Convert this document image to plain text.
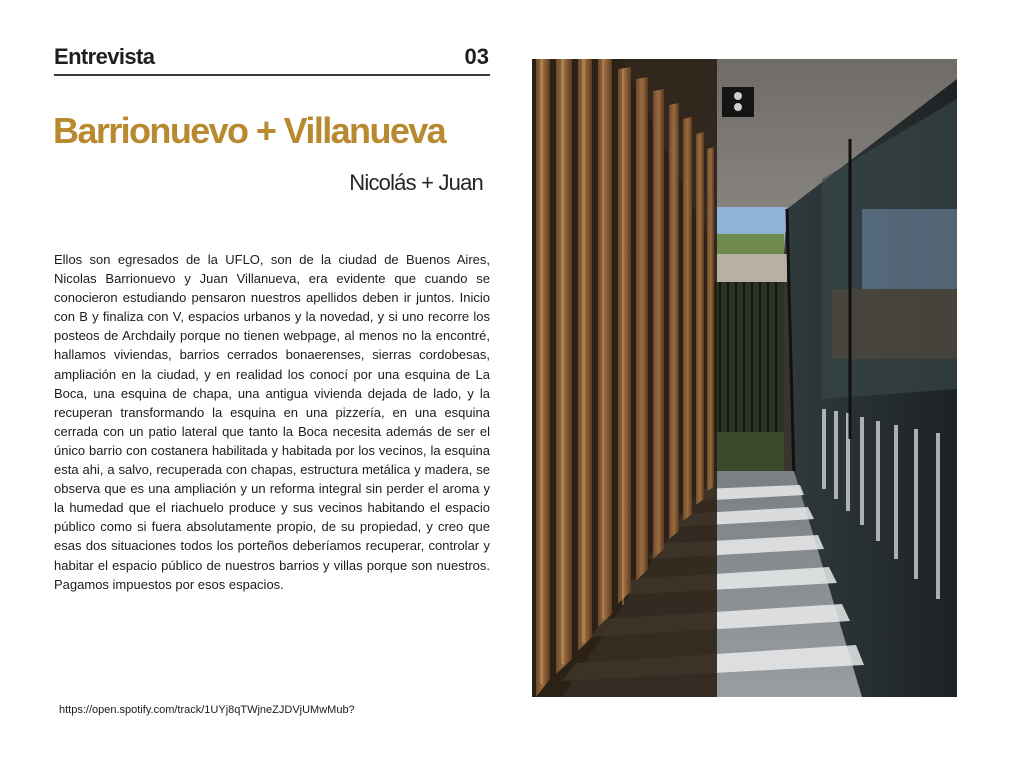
Entrevista	03
Barrionuevo + Villanueva
Nicolás + Juan

Ellos son egresados de la UFLO, son de la ciudad de Buenos Aires, Nicolas Barrionuevo y Juan Villanueva, era evidente que cuando se conocieron estudiando pensaron nuestros apellidos deben ir juntos. Inicio con B y finaliza con V, espacios urbanos y la novedad, y si uno recorre los posteos de Archdaily porque no tienen webpage, al menos no la encontré, hallamos viviendas, barrios cerrados bonaerenses, sierras cordobesas, ampliación en la ciudad, y en realidad los conocí por una esquina de La Boca, una esquina de chapa, una antigua vivienda dejada de lado, y la recuperan transformando la esquina en una pizzería, en una esquina cerrada con un patio lateral que tanto la Boca necesita además de ser el único barrio con costanera habilitada y habitada por los vecinos, la esquina esta ahi, a salvo, recuperada con chapas, estructura metálica y madera, se observa que es una ampliación y un reforma integral sin perder el aroma y la humedad que el riachuelo produce y sus vecinos habitando el espacio público como si fuera absolutamente propio, de su propiedad, y creo que esas dos situaciones todos los porteños deberíamos recuperar, controlar y habitar el espacio público de nuestros barrios y villas porque son nuestros. Pagamos impuestos por esos espacios.

https://open.spotify.com/track/1UYj8qTWjneZJDVjUMwMub?
